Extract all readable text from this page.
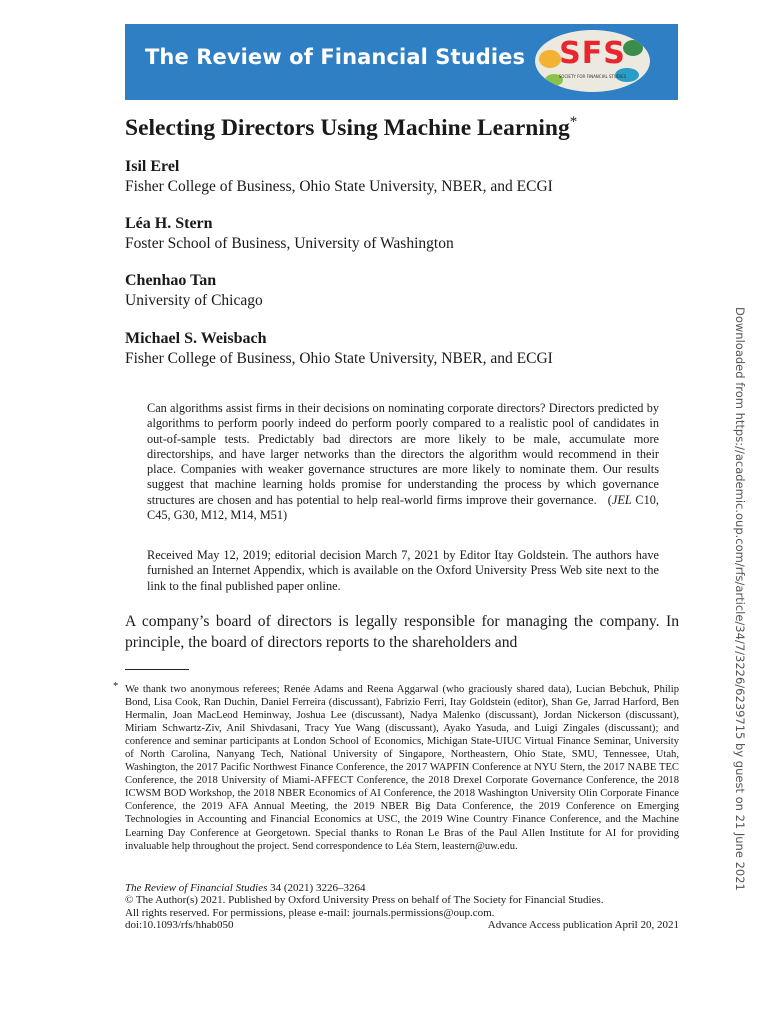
The Review of Financial Studies	SFS
SOCIETY FOR FINANCIAL STUDIES
Selecting Directors Using Machine Learning*
Isil Erel
Fisher College of Business, Ohio State University, NBER, and ECGI
Léa H. Stern
Foster School of Business, University of Washington
Chenhao Tan
University of Chicago
Michael S. Weisbach
Fisher College of Business, Ohio State University, NBER, and ECGI
Can algorithms assist firms in their decisions on nominating corporate directors? Directors predicted by algorithms to perform poorly indeed do perform poorly compared to a realistic pool of candidates in out-of-sample tests. Predictably bad directors are more likely to be male, accumulate more directorships, and have larger networks than the directors the algorithm would recommend in their place. Companies with weaker governance structures are more likely to nominate them. Our results suggest that machine learning holds promise for understanding the process by which governance structures are chosen and has potential to help real-world firms improve their governance.   (JEL C10, C45, G30, M12, M14, M51)
Received May 12, 2019; editorial decision March 7, 2021 by Editor Itay Goldstein. The authors have furnished an Internet Appendix, which is available on the Oxford University Press Web site next to the link to the final published paper online.
A company’s board of directors is legally responsible for managing the company. In principle, the board of directors reports to the shareholders and
* We thank two anonymous referees; Renée Adams and Reena Aggarwal (who graciously shared data), Lucian Bebchuk, Philip Bond, Lisa Cook, Ran Duchin, Daniel Ferreira (discussant), Fabrizio Ferri, Itay Goldstein (editor), Shan Ge, Jarrad Harford, Ben Hermalin, Joan MacLeod Heminway, Joshua Lee (discussant), Nadya Malenko (discussant), Jordan Nickerson (discussant), Miriam Schwartz-Ziv, Anil Shivdasani, Tracy Yue Wang (discussant), Ayako Yasuda, and Luigi Zingales (discussant); and conference and seminar participants at London School of Economics, Michigan State-UIUC Virtual Finance Seminar, University of North Carolina, Nanyang Tech, National University of Singapore, Northeastern, Ohio State, SMU, Tennessee, Utah, Washington, the 2017 Pacific Northwest Finance Conference, the 2017 WAPFIN Conference at NYU Stern, the 2017 NABE TEC Conference, the 2018 University of Miami-AFFECT Conference, the 2018 Drexel Corporate Governance Conference, the 2018 ICWSM BOD Workshop, the 2018 NBER Economics of AI Conference, the 2018 Washington University Olin Corporate Finance Conference, the 2019 AFA Annual Meeting, the 2019 NBER Big Data Conference, the 2019 Conference on Emerging Technologies in Accounting and Financial Economics at USC, the 2019 Wine Country Finance Conference, and the Machine Learning Day Conference at Georgetown. Special thanks to Ronan Le Bras of the Paul Allen Institute for AI for providing invaluable help throughout the project. Send correspondence to Léa Stern, leastern@uw.edu.
The Review of Financial Studies 34 (2021) 3226–3264
© The Author(s) 2021. Published by Oxford University Press on behalf of The Society for Financial Studies.
All rights reserved. For permissions, please e-mail: journals.permissions@oup.com.
doi:10.1093/rfs/hhab050	Advance Access publication April 20, 2021
Downloaded from https://academic.oup.com/rfs/article/34/7/3226/6239715 by guest on 21 June 2021
